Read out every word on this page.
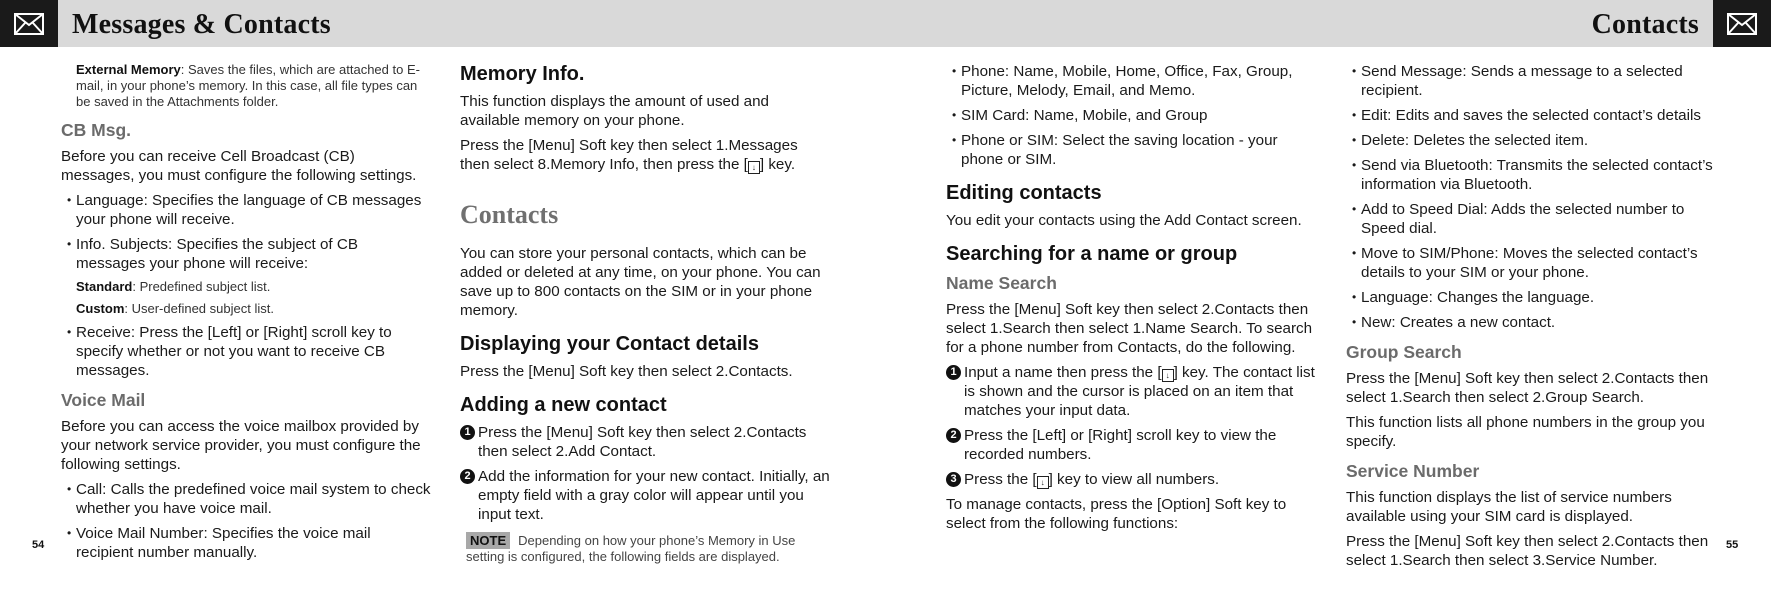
Messages & Contacts	Contacts

External Memory: Saves the files, which are attached to E-mail, in your phone’s memory. In this case, all file types can be saved in the Attachments folder.

CB Msg.

Before you can receive Cell Broadcast (CB) messages, you must configure the following settings.

• Language: Specifies the language of CB messages your phone will receive.
• Info. Subjects: Specifies the subject of CB messages your phone will receive:

Standard: Predefined subject list.

Custom: User-defined subject list.

• Receive: Press the [Left] or [Right] scroll key to specify whether or not you want to receive CB messages.
Voice Mail

Before you can access the voice mailbox provided by your network service provider, you must configure the following settings.

• Call: Calls the predefined voice mail system to check whether you have voice mail.
• Voice Mail Number: Specifies the voice mail recipient number manually.
Memory Info.

This function displays the amount of used and available memory on your phone.

Press the [Menu] Soft key then select 1.Messages then select 8.Memory Info, then press the [ ↓ ] key.

Contacts

You can store your personal contacts, which can be added or deleted at any time, on your phone. You can save up to 800 contacts on the SIM or in your phone memory.

Displaying your Contact details

Press the [Menu] Soft key then select 2.Contacts.

Adding a new contact
1 Press the [Menu] Soft key then select 2.Contacts then select 2.Add Contact.
2 Add the information for your new contact. Initially, an empty field with a gray color will appear until you input text.
NOTE Depending on how your phone’s Memory in Use setting is configured, the following fields are displayed.
• Phone: Name, Mobile, Home, Office, Fax, Group, Picture, Melody, Email, and Memo.
• SIM Card: Name, Mobile, and Group
• Phone or SIM: Select the saving location - your phone or SIM.
Editing contacts

You edit your contacts using the Add Contact screen.

Searching for a name or group
Name Search

Press the [Menu] Soft key then select 2.Contacts then select 1.Search then select 1.Name Search. To search for a phone number from Contacts, do the following.

1 Input a name then press the [ ↓ ] key. The contact list is shown and the cursor is placed on an item that matches your input data.
2 Press the [Left] or [Right] scroll key to view the recorded numbers.
3 Press the [ ↓ ] key to view all numbers.

To manage contacts, press the [Option] Soft key to select from the following functions:

• Send Message: Sends a message to a selected recipient.
• Edit: Edits and saves the selected contact’s details
• Delete: Deletes the selected item.
• Send via Bluetooth: Transmits the selected contact’s information via Bluetooth.
• Add to Speed Dial: Adds the selected number to Speed dial.
• Move to SIM/Phone: Moves the selected contact’s details to your SIM or your phone.
• Language: Changes the language.
• New: Creates a new contact.
Group Search

Press the [Menu] Soft key then select 2.Contacts then select 1.Search then select 2.Group Search.

This function lists all phone numbers in the group you specify.

Service Number

This function displays the list of service numbers available using your SIM card is displayed.

Press the [Menu] Soft key then select 2.Contacts then select 1.Search then select 3.Service Number.

54	55
